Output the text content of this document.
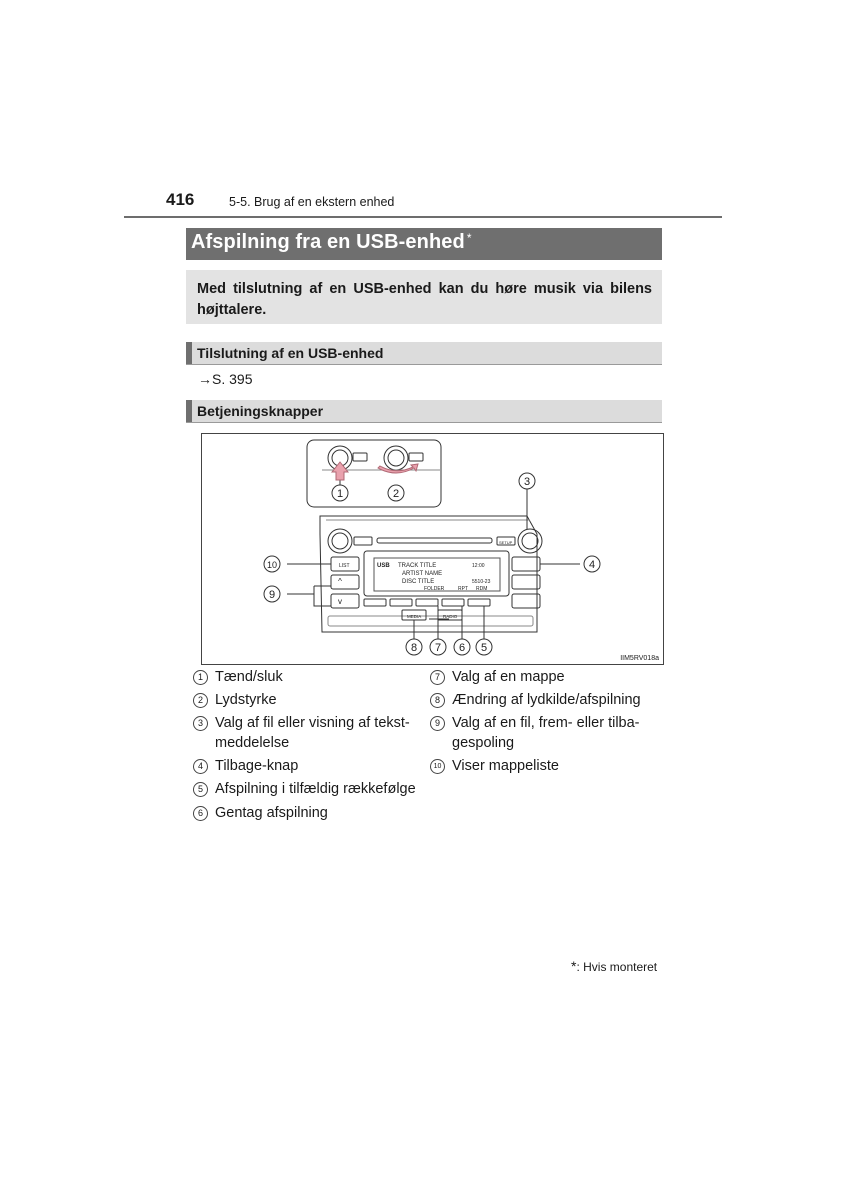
416	5-5. Brug af en ekstern enhed
Afspilning fra en USB-enhed *
Med tilslutning af en USB-enhed kan du høre musik via bilens højttalere.
Tilslutning af en USB-enhed
→S. 395
Betjeningsknapper
USB TRACK TITLE
ARTIST NAME
DISC TITLE
12:00
5510-23
FOLDER	RPT RDM
LIST
MEDIA	RADIO
SETUP
^
v
1	2
3
4
5
6
7
8
9
10
IIM5RV018a
1 Tænd/sluk
2 Lydstyrke
3 Valg af fil eller visning af tekst-meddelelse
4 Tilbage-knap
5 Afspilning i tilfældig rækkefølge
6 Gentag afspilning
7 Valg af en mappe
8 Ændring af lydkilde/afspilning
9 Valg af en fil, frem- eller tilba-gespoling
10 Viser mappeliste
*: Hvis monteret
